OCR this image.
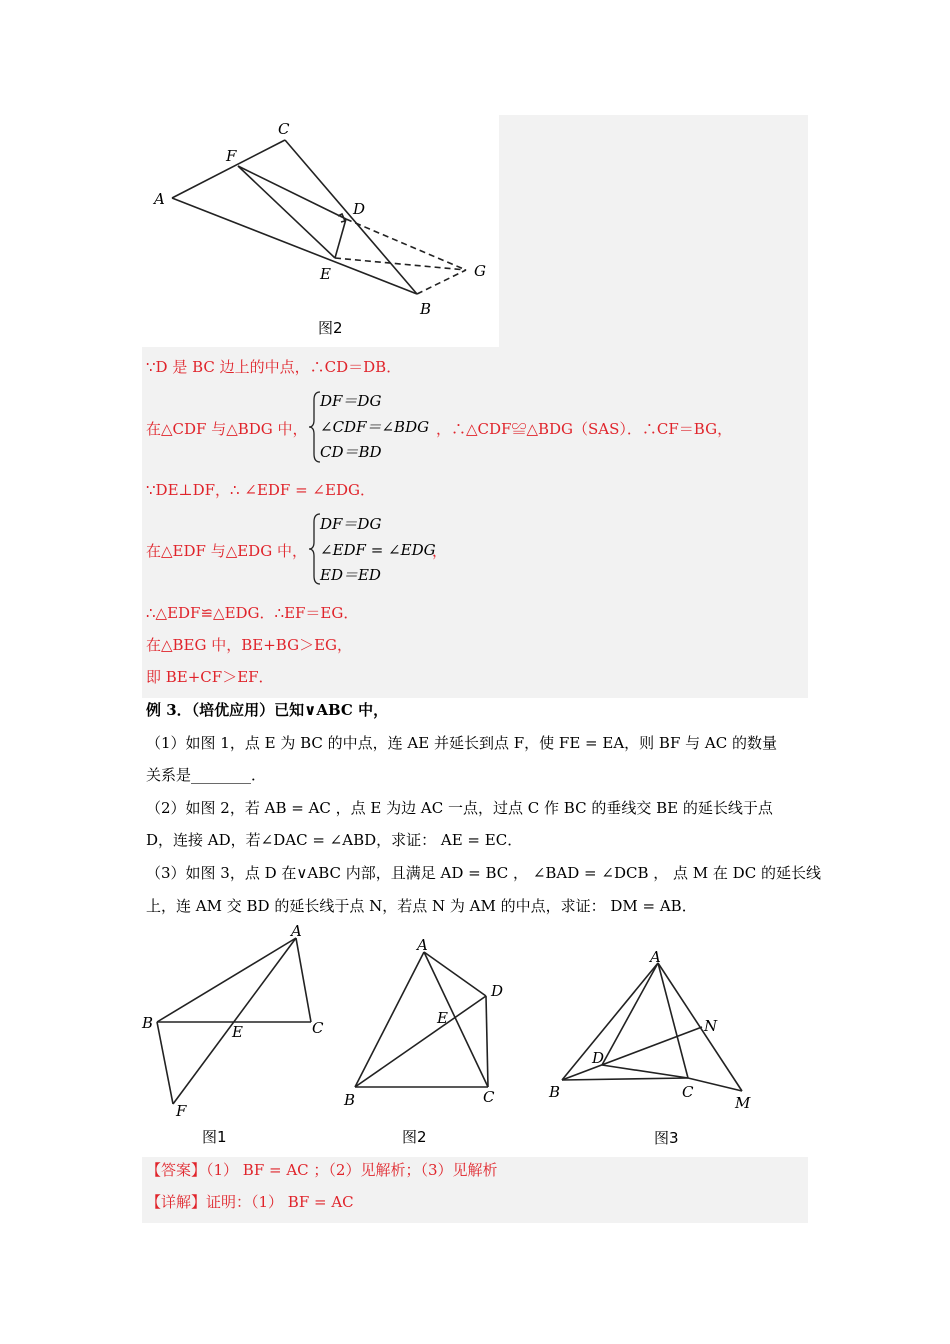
A
C
F
D
E	G
B
图2
∵D 是 BC 边上的中点，∴CD＝DB．
在△CDF 与△BDG 中，
DF＝DG
∠CDF＝∠BDG
CD＝BD
，∴△CDF≌△BDG（SAS）．∴CF＝BG，
∵DE⊥DF，∴ ∠EDF = ∠EDG．
在△EDF 与△EDG 中，
DF＝DG
∠EDF = ∠EDG
ED＝ED
，
∴△EDF≌△EDG．∴EF＝EG．
在△BEG 中，BE+BG＞EG，
即 BE+CF＞EF．
例 3．（培优应用）已知∨ABC 中，
（1）如图 1，点 E 为 BC 的中点，连 AE 并延长到点 F，使 FE = EA，则 BF 与 AC 的数量
关系是________．
（2）如图 2，若 AB = AC ，点 E 为边 AC 一点，过点 C 作 BC 的垂线交 BE 的延长线于点
D，连接 AD，若∠DAC = ∠ABD，求证： AE = EC．
（3）如图 3，点 D 在∨ABC 内部，且满足 AD = BC ， ∠BAD = ∠DCB ， 点 M 在 DC 的延长线
上，连 AM 交 BD 的延长线于点 N，若点 N 为 AM 的中点，求证： DM = AB．
A
B	C
E
F
图1
A
B	C
D
E
图2
A
B	C
D
M
N
图3
【答案】（1） BF = AC ；（2）见解析；（3）见解析
【详解】证明：（1） BF = AC
